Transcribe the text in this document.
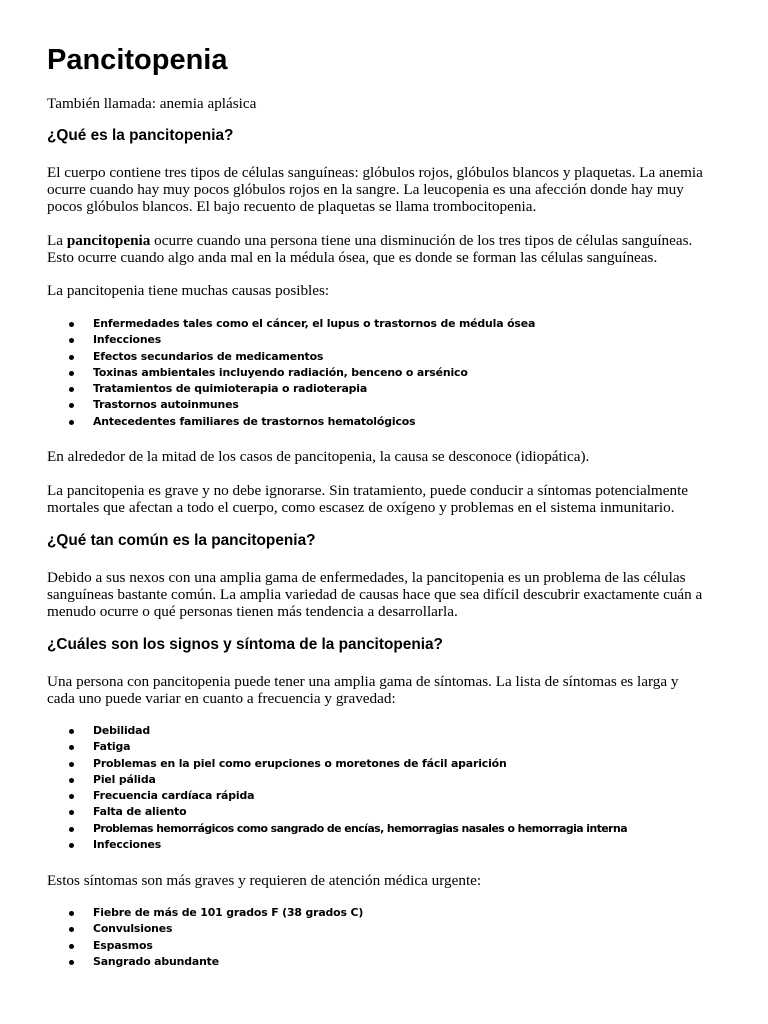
Pancitopenia

También llamada: anemia aplásica

¿Qué es la pancitopenia?

El cuerpo contiene tres tipos de células sanguíneas: glóbulos rojos, glóbulos blancos y plaquetas. La anemia
ocurre cuando hay muy pocos glóbulos rojos en la sangre. La leucopenia es una afección donde hay muy
pocos glóbulos blancos. El bajo recuento de plaquetas se llama trombocitopenia.

La pancitopenia ocurre cuando una persona tiene una disminución de los tres tipos de células sanguíneas.
Esto ocurre cuando algo anda mal en la médula ósea, que es donde se forman las células sanguíneas.

La pancitopenia tiene muchas causas posibles:

Enfermedades tales como el cáncer, el lupus o trastornos de médula ósea
Infecciones
Efectos secundarios de medicamentos
Toxinas ambientales incluyendo radiación, benceno o arsénico
Tratamientos de quimioterapia o radioterapia
Trastornos autoinmunes
Antecedentes familiares de trastornos hematológicos

En alrededor de la mitad de los casos de pancitopenia, la causa se desconoce (idiopática).

La pancitopenia es grave y no debe ignorarse. Sin tratamiento, puede conducir a síntomas potencialmente
mortales que afectan a todo el cuerpo, como escasez de oxígeno y problemas en el sistema inmunitario.

¿Qué tan común es la pancitopenia?

Debido a sus nexos con una amplia gama de enfermedades, la pancitopenia es un problema de las células
sanguíneas bastante común. La amplia variedad de causas hace que sea difícil descubrir exactamente cuán a
menudo ocurre o qué personas tienen más tendencia a desarrollarla.

¿Cuáles son los signos y síntoma de la pancitopenia?

Una persona con pancitopenia puede tener una amplia gama de síntomas. La lista de síntomas es larga y
cada uno puede variar en cuanto a frecuencia y gravedad:

Debilidad
Fatiga
Problemas en la piel como erupciones o moretones de fácil aparición
Piel pálida
Frecuencia cardíaca rápida
Falta de aliento
Problemas hemorrágicos como sangrado de encías, hemorragias nasales o hemorragia interna
Infecciones

Estos síntomas son más graves y requieren de atención médica urgente:

Fiebre de más de 101 grados F (38 grados C)
Convulsiones
Espasmos
Sangrado abundante
